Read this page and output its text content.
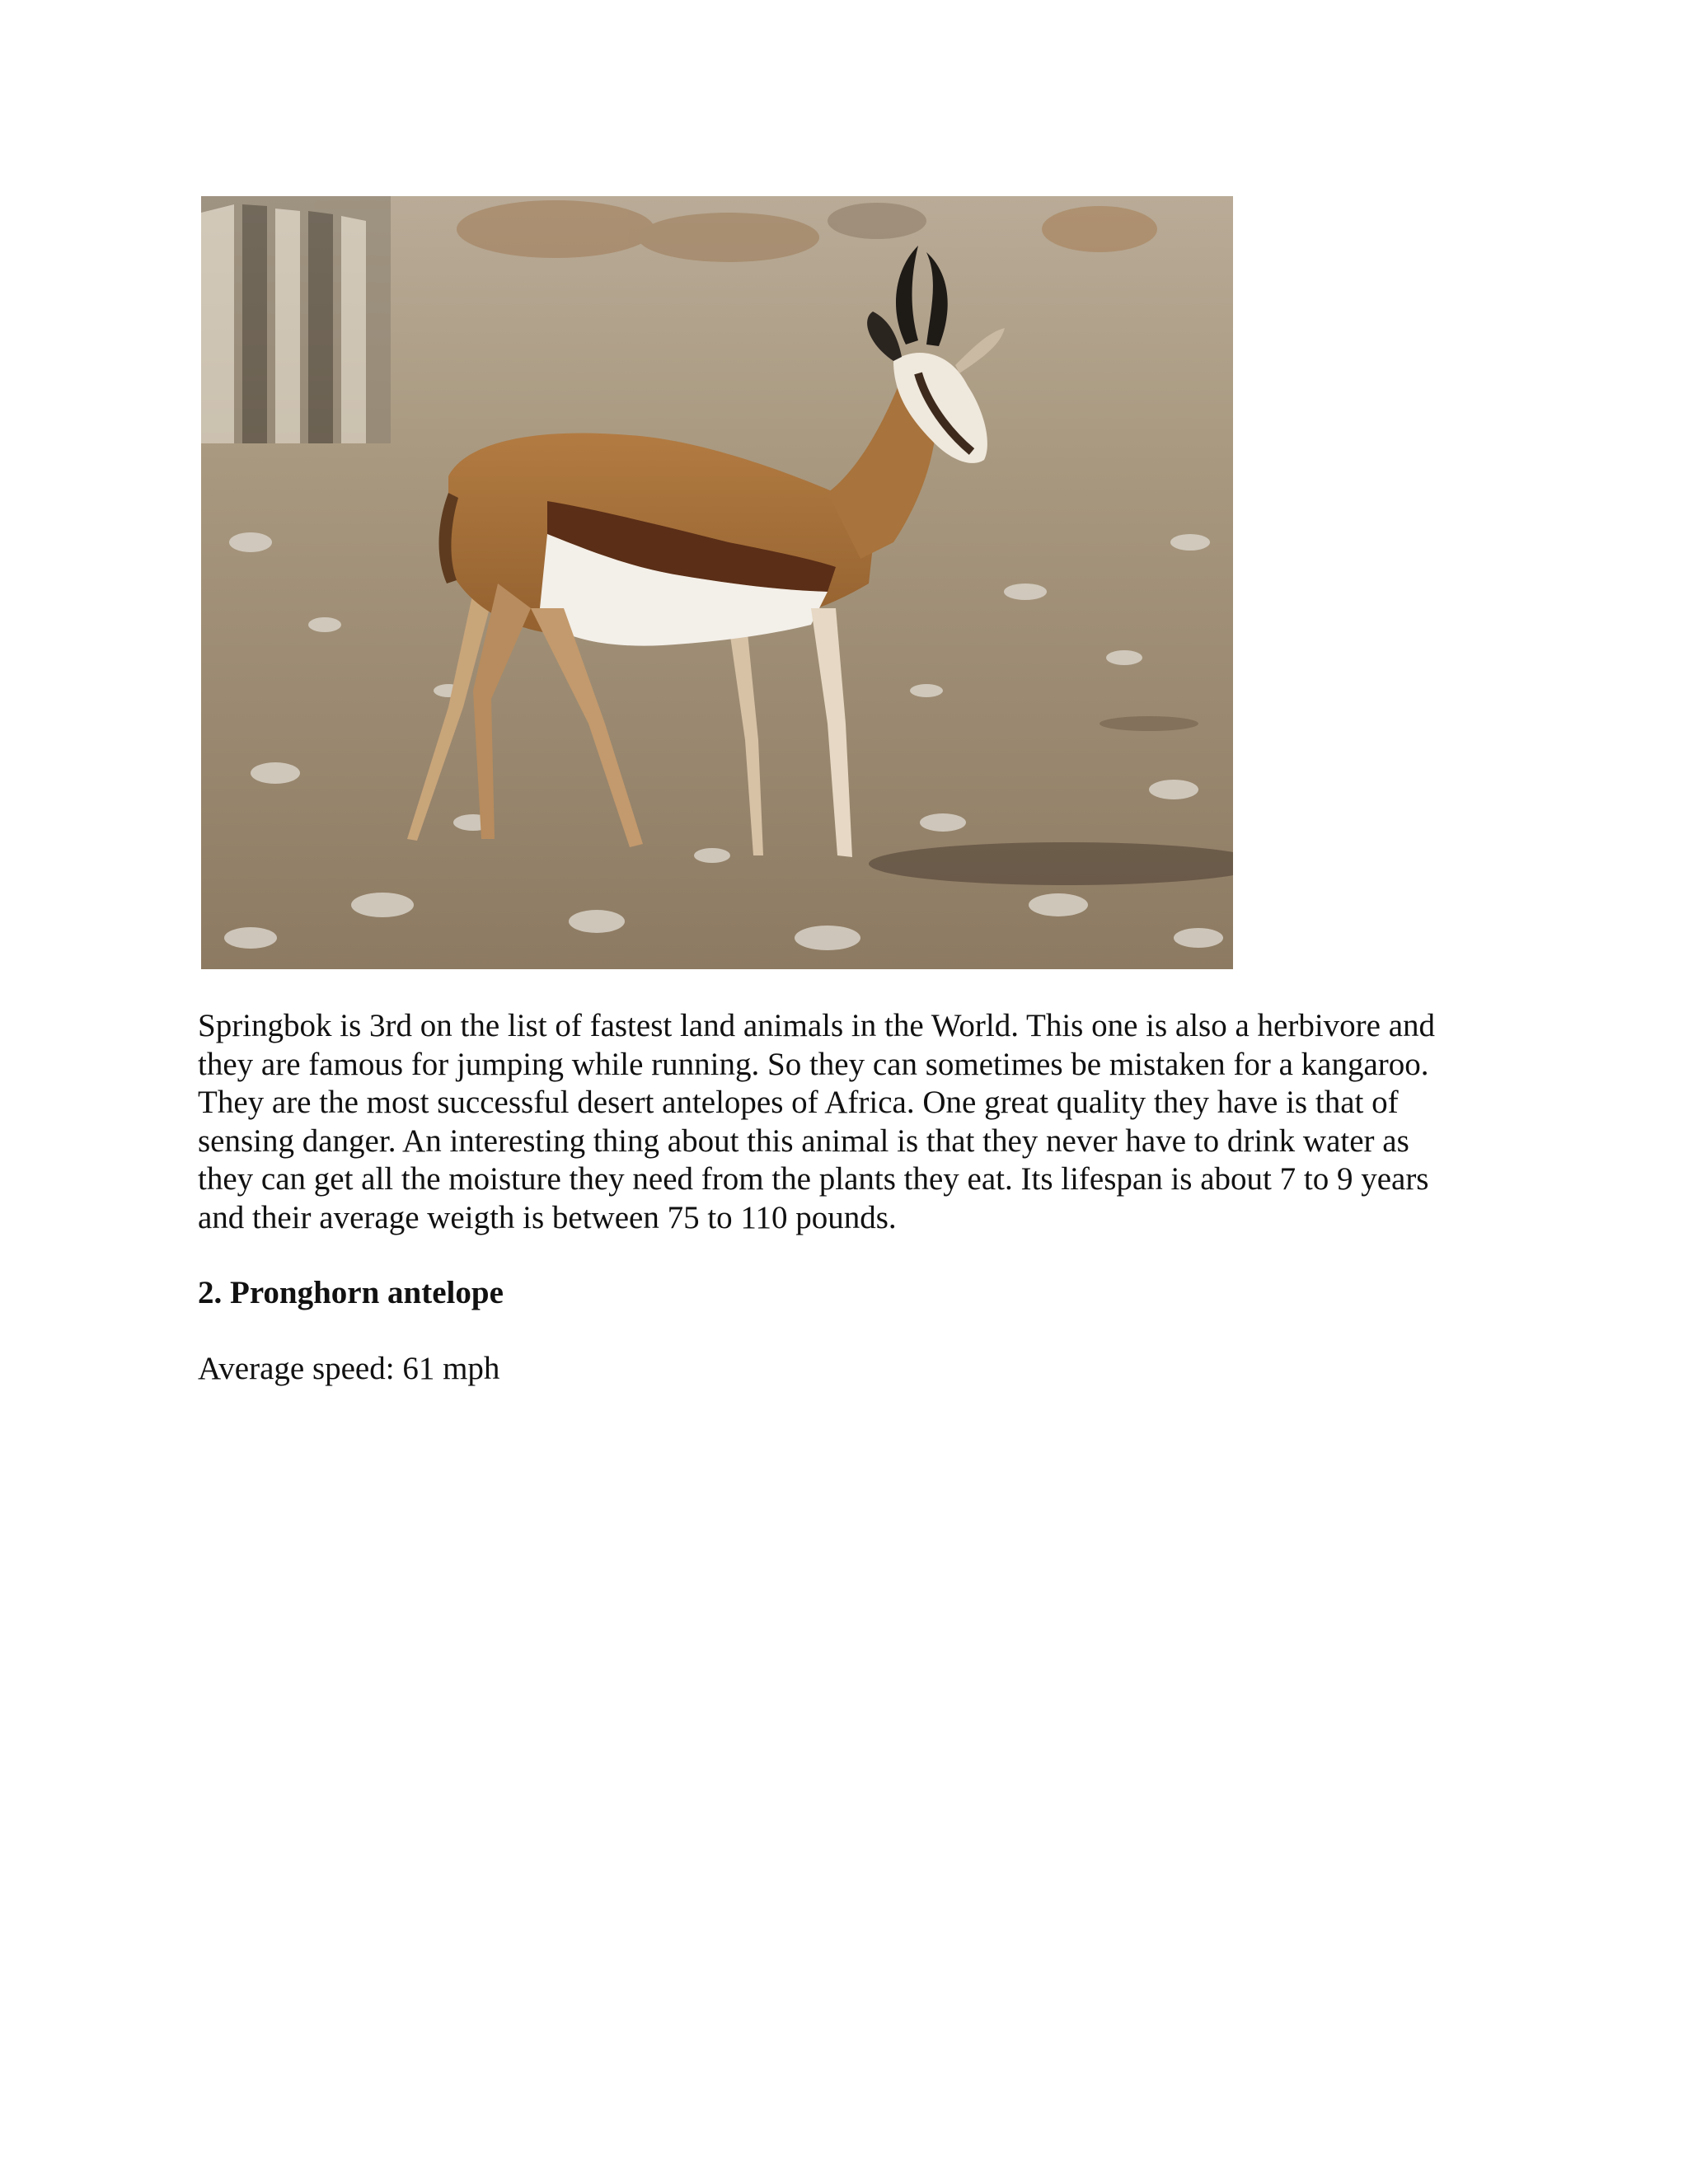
Springbok is 3rd on the list of fastest land animals in the World. This one is also a herbivore and
they are famous for jumping while running. So they can sometimes be mistaken for a kangaroo.
They are the most successful desert antelopes of Africa. One great quality they have is that of
sensing danger. An interesting thing about this animal is that they never have to drink water as
they can get all the moisture they need from the plants they eat. Its lifespan is about 7 to 9 years
and their average weigth is between 75 to 110 pounds.

2. Pronghorn antelope

Average speed: 61 mph
